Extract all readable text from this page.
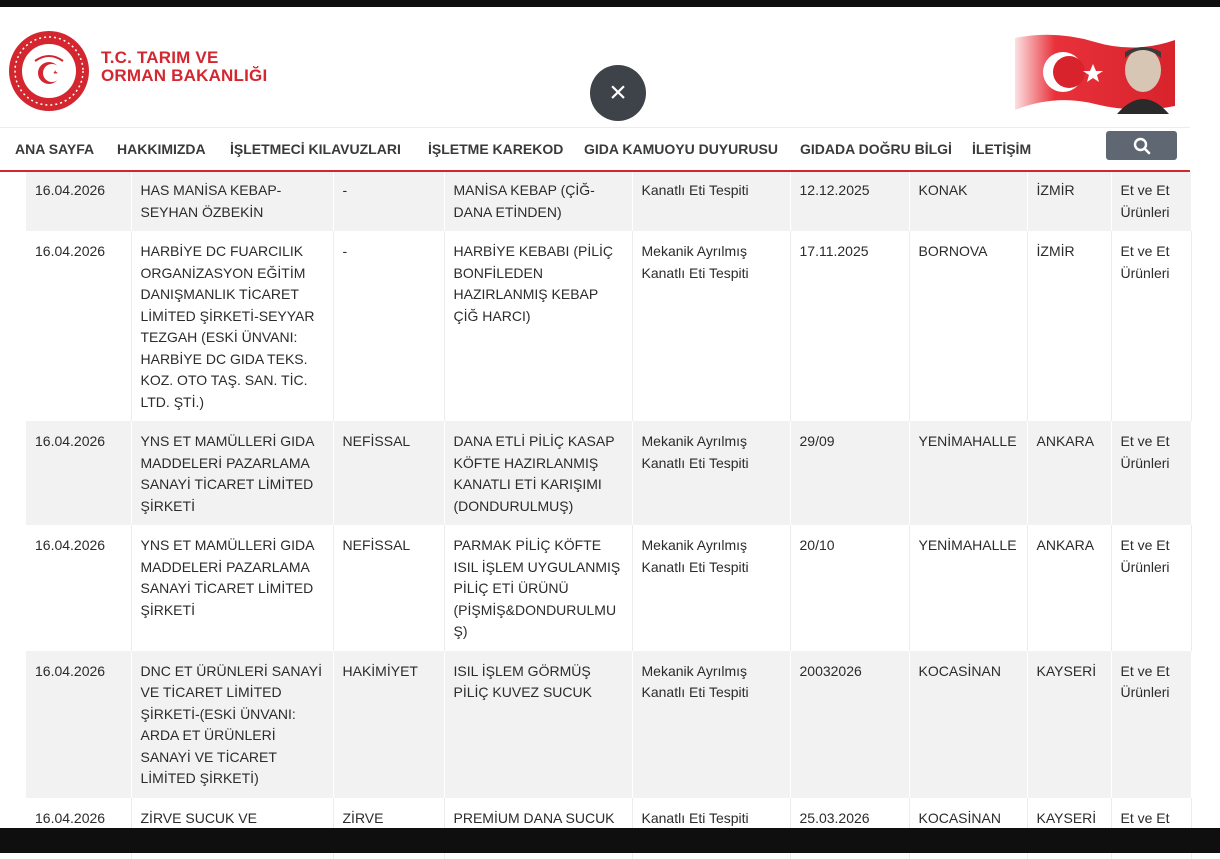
T.C. TARIM VE
ORMAN BAKANLIĞI
×
ANA SAYFA HAKKIMIZDA İŞLETMECİ KILAVUZLARI İŞLETME KAREKOD GIDA KAMUOYU DUYURUSU GIDADA DOĞRU BİLGİ İLETİŞİM
16.04.2026	HAS MANİSA KEBAP-SEYHAN ÖZBEKİN	-	MANİSA KEBAP (ÇİĞ-DANA ETİNDEN)	Kanatlı Eti Tespiti	12.12.2025	KONAK	İZMİR	Et ve Et Ürünleri
16.04.2026	HARBİYE DC FUARCILIK ORGANİZASYON EĞİTİM DANIŞMANLIK TİCARET LİMİTED ŞİRKETİ-SEYYAR TEZGAH (ESKİ ÜNVANI: HARBİYE DC GIDA TEKS. KOZ. OTO TAŞ. SAN. TİC. LTD. ŞTİ.)	-	HARBİYE KEBABI (PİLİÇ BONFİLEDEN HAZIRLANMIŞ KEBAP ÇİĞ HARCI)	Mekanik Ayrılmış Kanatlı Eti Tespiti	17.11.2025	BORNOVA	İZMİR	Et ve Et Ürünleri
16.04.2026	YNS ET MAMÜLLERİ GIDA MADDELERİ PAZARLAMA SANAYİ TİCARET LİMİTED ŞİRKETİ	NEFİSSAL	DANA ETLİ PİLİÇ KASAP KÖFTE HAZIRLANMIŞ KANATLI ETİ KARIŞIMI (DONDURULMUŞ)	Mekanik Ayrılmış Kanatlı Eti Tespiti	29/09	YENİMAHALLE	ANKARA	Et ve Et Ürünleri
16.04.2026	YNS ET MAMÜLLERİ GIDA MADDELERİ PAZARLAMA SANAYİ TİCARET LİMİTED ŞİRKETİ	NEFİSSAL	PARMAK PİLİÇ KÖFTE ISIL İŞLEM UYGULANMIŞ PİLİÇ ETİ ÜRÜNÜ (PİŞMİŞ&DONDURULMUŞ)	Mekanik Ayrılmış Kanatlı Eti Tespiti	20/10	YENİMAHALLE	ANKARA	Et ve Et Ürünleri
16.04.2026	DNC ET ÜRÜNLERİ SANAYİ VE TİCARET LİMİTED ŞİRKETİ-(ESKİ ÜNVANI: ARDA ET ÜRÜNLERİ SANAYİ VE TİCARET LİMİTED ŞİRKETİ)	HAKİMİYET	ISIL İŞLEM GÖRMÜŞ PİLİÇ KUVEZ SUCUK	Mekanik Ayrılmış Kanatlı Eti Tespiti	20032026	KOCASİNAN	KAYSERİ	Et ve Et Ürünleri
16.04.2026	ZİRVE SUCUK VE	ZİRVE	PREMİUM DANA SUCUK	Kanatlı Eti Tespiti	25.03.2026	KOCASİNAN	KAYSERİ	Et ve Et
